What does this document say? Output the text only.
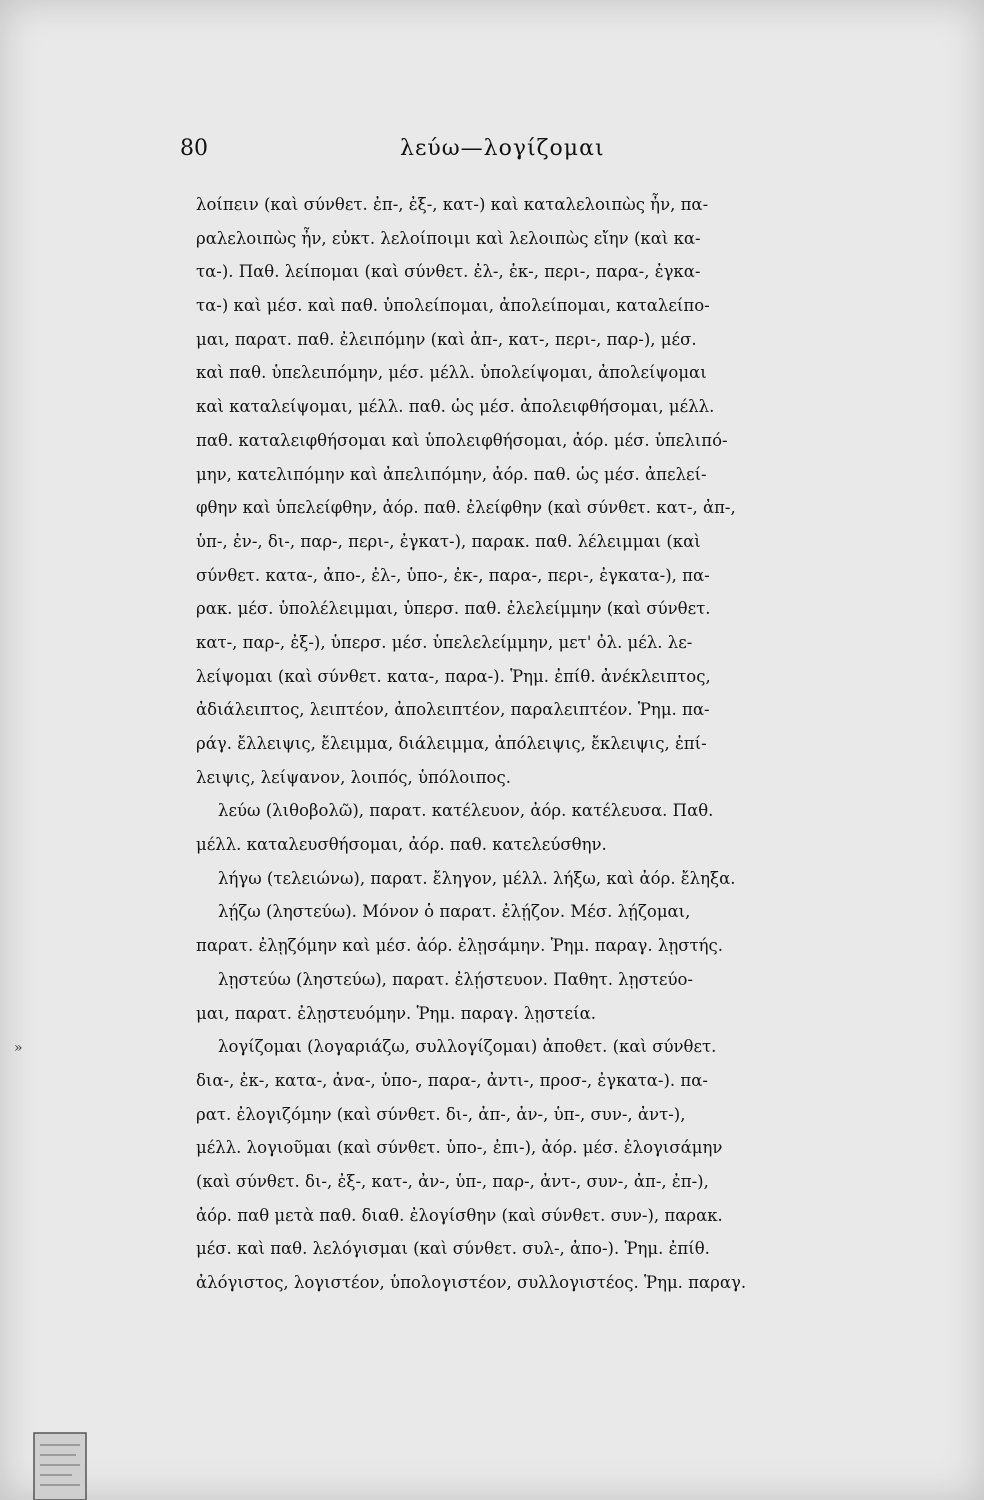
80	λεύω—λογίζομαι
»
λοίπειν (καὶ σύνθετ. ἐπ-, ἐξ-, κατ-) καὶ καταλελοιπὼς ἦν, πα-
ραλελοιπὼς ἦν, εὐκτ. λελοίποιμι καὶ λελοιπὼς εἴην (καὶ κα-
τα-). Παθ. λείπομαι (καὶ σύνθετ. ἐλ-, ἐκ-, περι-, παρα-, ἐγκα-
τα-) καὶ μέσ. καὶ παθ. ὑπολείπομαι, ἀπολείπομαι, καταλείπο-
μαι, παρατ. παθ. ἐλειπόμην (καὶ ἀπ-, κατ-, περι-, παρ-), μέσ.
καὶ παθ. ὑπελειπόμην, μέσ. μέλλ. ὑπολείψομαι, ἀπολείψομαι
καὶ καταλείψομαι, μέλλ. παθ. ὡς μέσ. ἀπολειφθήσομαι, μέλλ.
παθ. καταλειφθήσομαι καὶ ὑπολειφθήσομαι, ἀόρ. μέσ. ὑπελιπό-
μην, κατελιπόμην καὶ ἀπελιπόμην, ἀόρ. παθ. ὡς μέσ. ἀπελεί-
φθην καὶ ὑπελείφθην, ἀόρ. παθ. ἐλείφθην (καὶ σύνθετ. κατ-, ἀπ-,
ὑπ-, ἐν-, δι-, παρ-, περι-, ἐγκατ-), παρακ. παθ. λέλειμμαι (καὶ
σύνθετ. κατα-, ἀπο-, ἐλ-, ὑπο-, ἐκ-, παρα-, περι-, ἐγκατα-), πα-
ρακ. μέσ. ὑπολέλειμμαι, ὑπερσ. παθ. ἐλελείμμην (καὶ σύνθετ.
κατ-, παρ-, ἐξ-), ὑπερσ. μέσ. ὑπελελείμμην, μετ' ὀλ. μέλ. λε-
λείψομαι (καὶ σύνθετ. κατα-, παρα-). Ῥημ. ἐπίθ. ἀνέκλειπτος,
ἀδιάλειπτος, λειπτέον, ἀπολειπτέον, παραλειπτέον. Ῥημ. πα-
ράγ. ἔλλειψις, ἔλειμμα, διάλειμμα, ἀπόλειψις, ἔκλειψις, ἐπί-
λειψις, λείψανον, λοιπός, ὑπόλοιπος.
λεύω (λιθοβολῶ), παρατ. κατέλευον, ἀόρ. κατέλευσα. Παθ.
μέλλ. καταλευσθήσομαι, ἀόρ. παθ. κατελεύσθην.
λήγω (τελειώνω), παρατ. ἔληγον, μέλλ. λήξω, καὶ ἀόρ. ἔληξα.
λῄζω (ληστεύω). Μόνον ὁ παρατ. ἐλῄζον. Μέσ. λῄζομαι,
παρατ. ἐλῃζόμην καὶ μέσ. ἀόρ. ἐλῃσάμην. Ῥημ. παραγ. λῃστής.
λῃστεύω (ληστεύω), παρατ. ἐλῄστευον. Παθητ. λῃστεύο-
μαι, παρατ. ἐλῃστευόμην. Ῥημ. παραγ. λῃστεία.
λογίζομαι (λογαριάζω, συλλογίζομαι) ἀποθετ. (καὶ σύνθετ.
δια-, ἐκ-, κατα-, ἀνα-, ὑπο-, παρα-, ἀντι-, προσ-, ἐγκατα-). πα-
ρατ. ἐλογιζόμην (καὶ σύνθετ. δι-, ἀπ-, ἀν-, ὑπ-, συν-, ἀντ-),
μέλλ. λογιοῦμαι (καὶ σύνθετ. ὑπο-, ἐπι-), ἀόρ. μέσ. ἐλογισάμην
(καὶ σύνθετ. δι-, ἐξ-, κατ-, ἀν-, ὑπ-, παρ-, ἀντ-, συν-, ἀπ-, ἐπ-),
ἀόρ. παθ μετὰ παθ. διαθ. ἐλογίσθην (καὶ σύνθετ. συν-), παρακ.
μέσ. καὶ παθ. λελόγισμαι (καὶ σύνθετ. συλ-, ἀπο-). Ῥημ. ἐπίθ.
ἀλόγιστος, λογιστέον, ὑπολογιστέον, συλλογιστέος. Ῥημ. παραγ.
